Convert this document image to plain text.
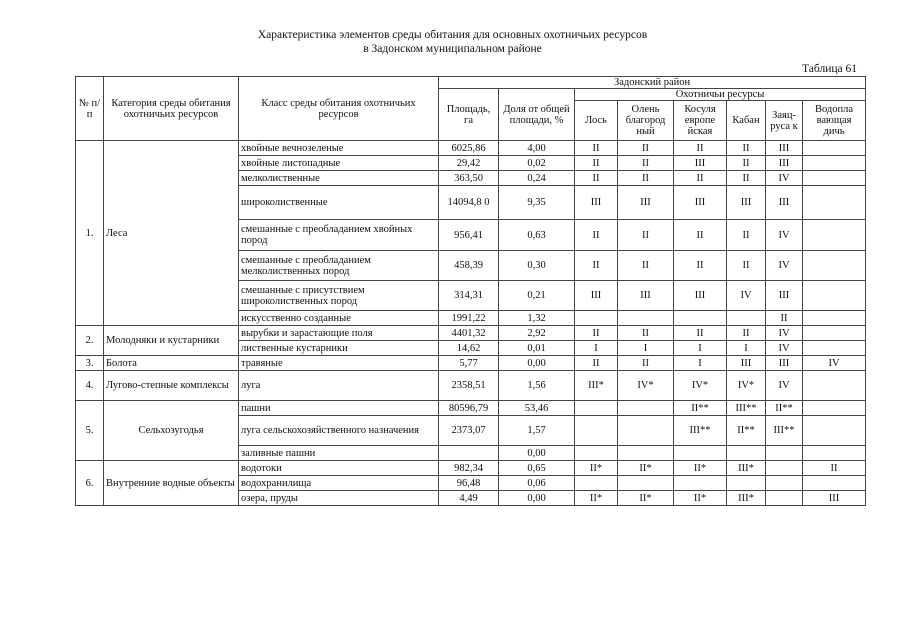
Характеристика элементов среды обитания для основных охотничьих ресурсов
в Задонском муниципальном районе
Таблица 61
№ п/п	Категория среды обитания охотничьих ресурсов	Класс среды обитания охотничьих ресурсов	Задонский район							
			Площадь, га	Доля от общей площади, %	Охотничьи ресурсы					
					Лось	Олень благород ный	Косуля европе йская	Кабан	Заяц-руса к	Водопла вающая дичь
1.	Леса	хвойные вечнозеленые	6025,86	4,00	II	II	II	II	III	
		хвойные листопадные	29,42	0,02	II	II	III	II	III	
		мелколиственные	363,50	0,24	II	II	II	II	IV	
		широколиственные	14094,8 0	9,35	III	III	III	III	III	
		смешанные с преобладанием хвойных пород	956,41	0,63	II	II	II	II	IV	
		смешанные с преобладанием мелколиственных пород	458,39	0,30	II	II	II	II	IV	
		смешанные с присутствием широколиственных пород	314,31	0,21	III	III	III	IV	III	
		искусственно созданные	1991,22	1,32					II	
2.	Молодняки и кустарники	вырубки и зарастающие поля	4401,32	2,92	II	II	II	II	IV	
		лиственные кустарники	14,62	0,01	I	I	I	I	IV	
3.	Болота	травяные	5,77	0,00	II	II	I	III	III	IV
4.	Лугово-степные комплексы	луга	2358,51	1,56	III*	IV*	IV*	IV*	IV	
5.	Сельхозугодья	пашни	80596,79	53,46			II**	III**	II**	
		луга сельскохозяйственного назначения	2373,07	1,57			III**	II**	III**	
		заливные пашни		0,00						
6.	Внутренние водные объекты	водотоки	982,34	0,65	II*	II*	II*	III*		II
		водохранилища	96,48	0,06						
		озера, пруды	4,49	0,00	II*	II*	II*	III*		III
